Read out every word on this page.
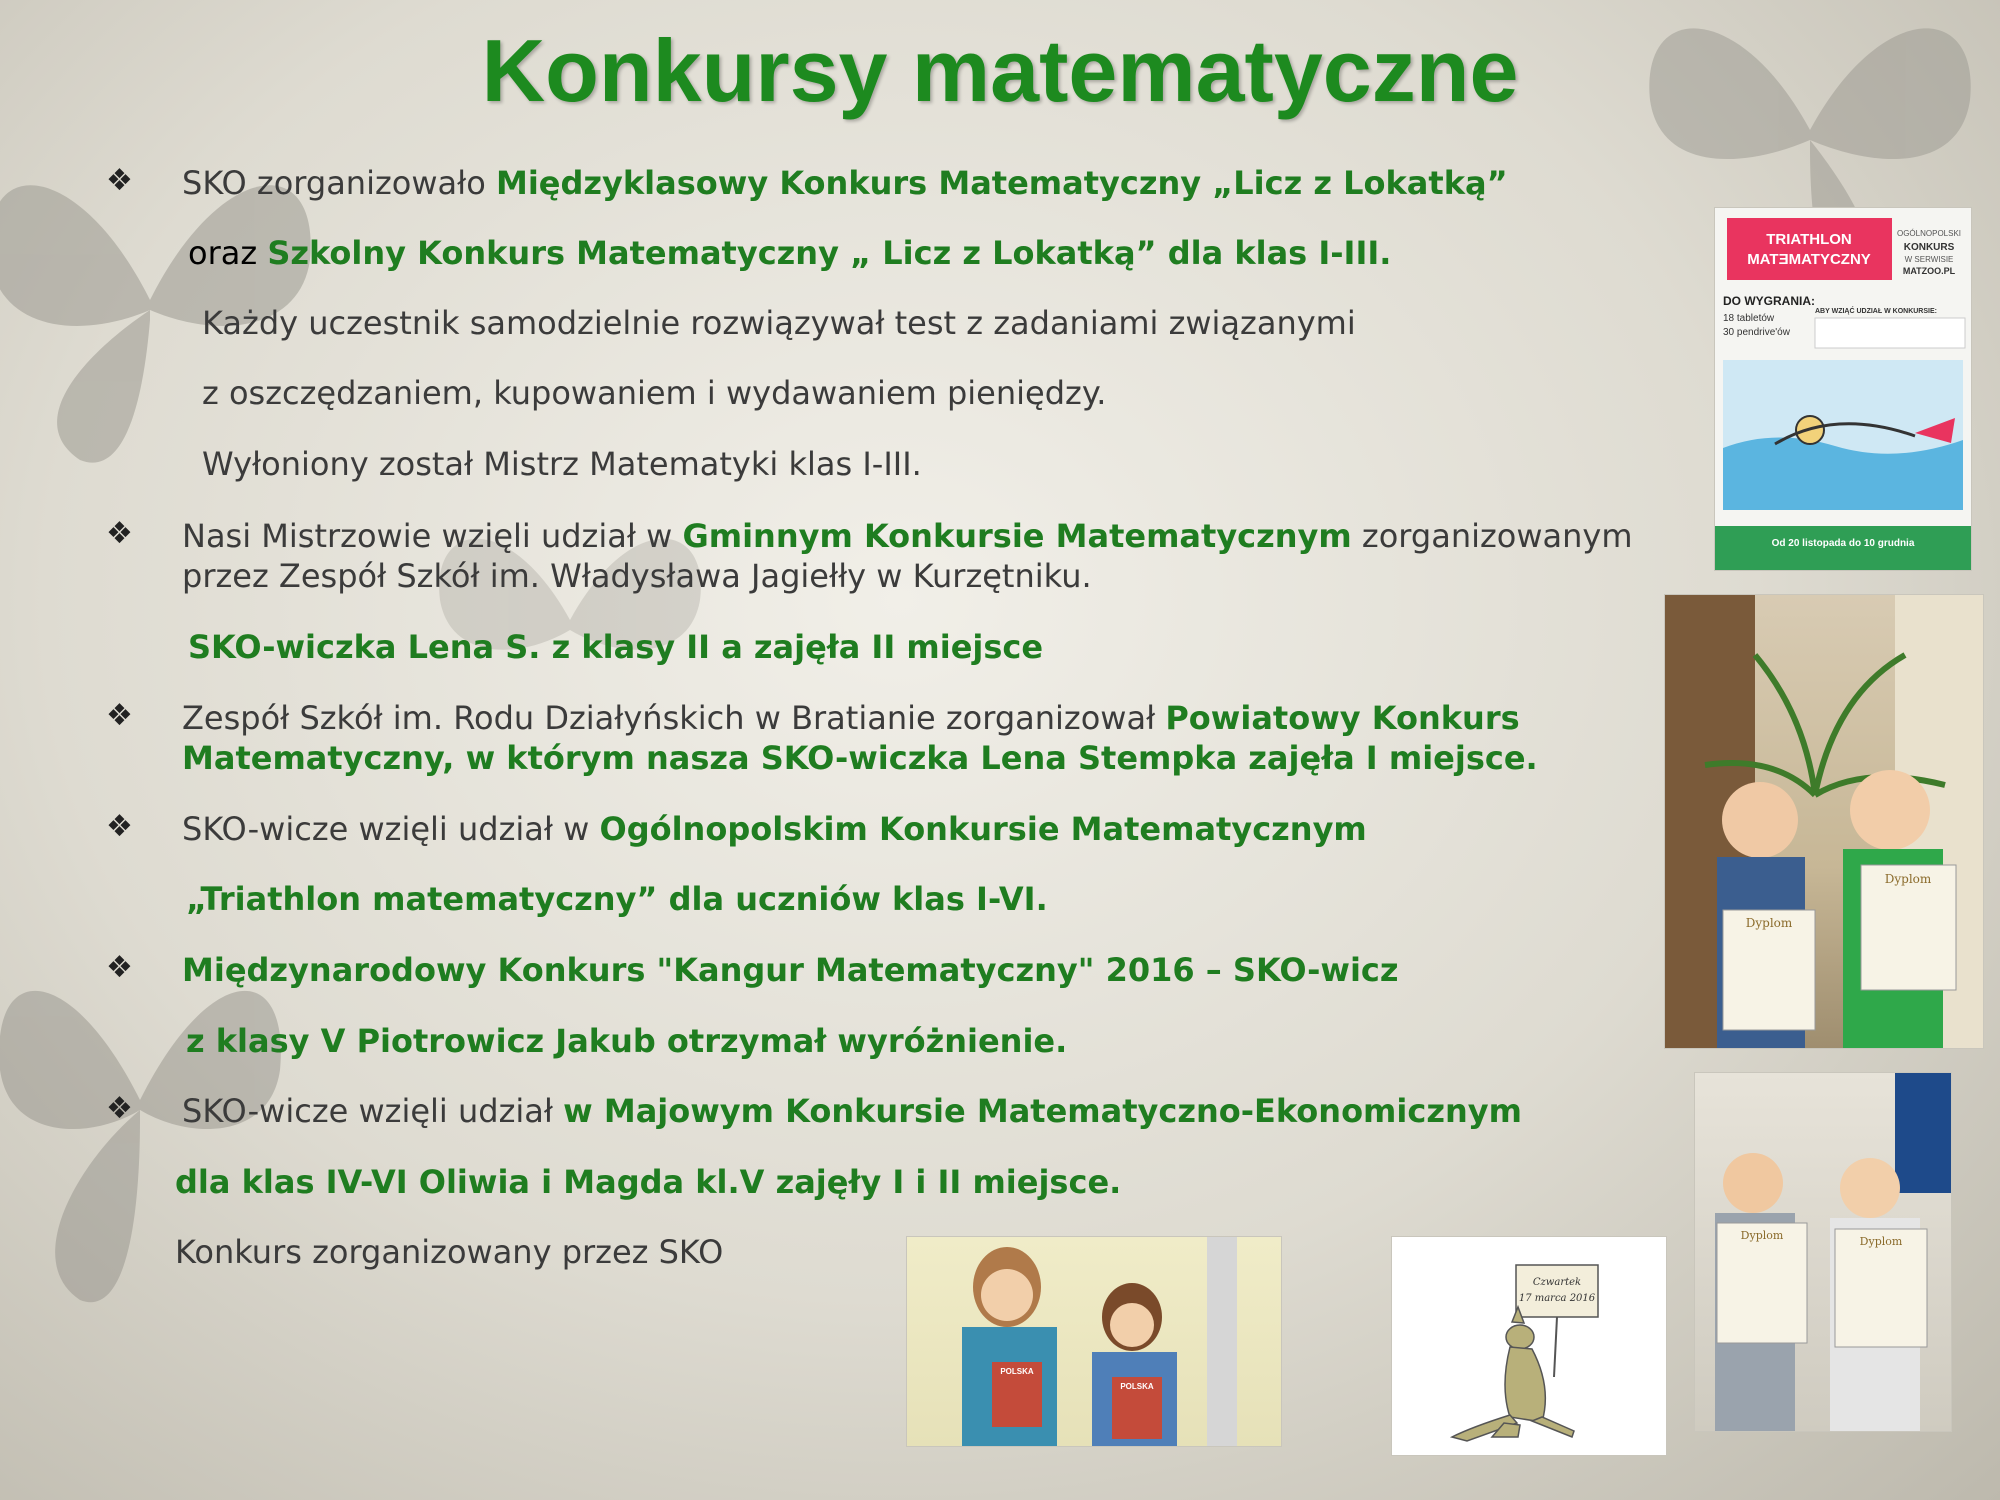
Konkursy matematyczne
❖ SKO zorganizowało Międzyklasowy Konkurs Matematyczny „Licz z Lokatką”
oraz Szkolny Konkurs Matematyczny „ Licz z Lokatką” dla klas I-III.
Każdy uczestnik samodzielnie rozwiązywał test z zadaniami związanymi
z oszczędzaniem, kupowaniem i wydawaniem pieniędzy.
Wyłoniony został Mistrz Matematyki klas I-III.
❖ Nasi Mistrzowie wzięli udział w Gminnym Konkursie Matematycznym zorganizowanym
przez Zespół Szkół im. Władysława Jagiełły w Kurzętniku.
SKO-wiczka Lena S. z klasy II a zajęła II miejsce
❖ Zespół Szkół im. Rodu Działyńskich w Bratianie zorganizował Powiatowy Konkurs
Matematyczny, w którym nasza SKO-wiczka Lena Stempka zajęła I miejsce.
❖ SKO-wicze wzięli udział w Ogólnopolskim Konkursie Matematycznym
„Triathlon matematyczny” dla uczniów klas I-VI.
❖ Międzynarodowy Konkurs "Kangur Matematyczny" 2016 – SKO-wicz
z klasy V Piotrowicz Jakub otrzymał wyróżnienie.
❖ SKO-wicze wzięli udział w Majowym Konkursie Matematyczno-Ekonomicznym
dla klas IV-VI Oliwia i Magda kl.V zajęły I i II miejsce.
Konkurs zorganizowany przez SKO
TRIATHLON
MATƎMATYCZNY
OGÓLNOPOLSKI
KONKURS
W SERWISIE
MATZOO.PL
DO WYGRANIA:
18 tabletów
30 pendrive'ów
ABY WZIĄĆ UDZIAŁ W KONKURSIE:
Od 20 listopada do 10 grudnia
Dyplom
Dyplom
Dyplom	Dyplom
POLSKA
POLSKA
Czwartek
17 marca 2016
